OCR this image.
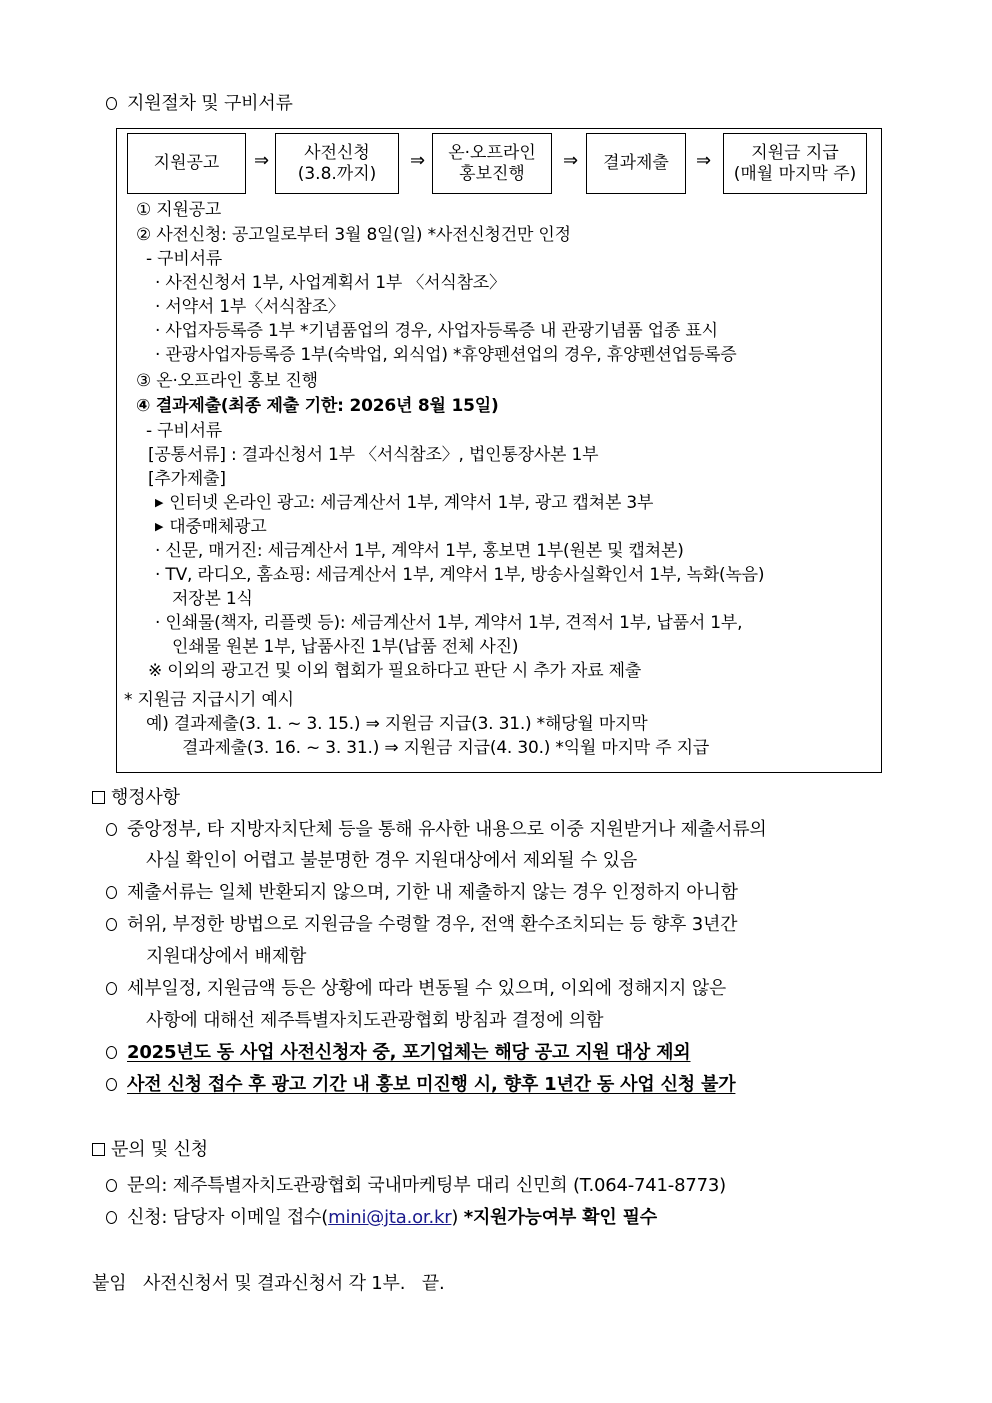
지원절차 및 구비서류
지원공고 ⇒ 사전신청
(3.8.까지)
⇒ 온·오프라인
홍보진행
⇒ 결과제출 ⇒ 지원금 지급
(매월 마지막 주)
① 지원공고
② 사전신청: 공고일로부터 3월 8일(일) *사전신청건만 인정
- 구비서류
· 사전신청서 1부, 사업계획서 1부 〈서식참조〉
· 서약서 1부〈서식참조〉
· 사업자등록증 1부 *기념품업의 경우, 사업자등록증 내 관광기념품 업종 표시
· 관광사업자등록증 1부(숙박업, 외식업) *휴양펜션업의 경우, 휴양펜션업등록증
③ 온·오프라인 홍보 진행
④ 결과제출(최종 제출 기한: 2026년 8월 15일)
- 구비서류
[공통서류] : 결과신청서 1부 〈서식참조〉, 법인통장사본 1부
[추가제출]
▶ 인터넷 온라인 광고: 세금계산서 1부, 계약서 1부, 광고 캡쳐본 3부
▶ 대중매체광고
· 신문, 매거진: 세금계산서 1부, 계약서 1부, 홍보면 1부(원본 및 캡쳐본)
· TV, 라디오, 홈쇼핑: 세금계산서 1부, 계약서 1부, 방송사실확인서 1부, 녹화(녹음)
저장본 1식
· 인쇄물(책자, 리플렛 등): 세금계산서 1부, 계약서 1부, 견적서 1부, 납품서 1부,
인쇄물 원본 1부, 납품사진 1부(납품 전체 사진)
※ 이외의 광고건 및 이외 협회가 필요하다고 판단 시 추가 자료 제출
* 지원금 지급시기 예시
예) 결과제출(3. 1. ~ 3. 15.) ⇒ 지원금 지급(3. 31.) *해당월 마지막
결과제출(3. 16. ~ 3. 31.) ⇒ 지원금 지급(4. 30.) *익월 마지막 주 지급
행정사항
중앙정부, 타 지방자치단체 등을 통해 유사한 내용으로 이중 지원받거나 제출서류의
사실 확인이 어렵고 불분명한 경우 지원대상에서 제외될 수 있음
제출서류는 일체 반환되지 않으며, 기한 내 제출하지 않는 경우 인정하지 아니함
허위, 부정한 방법으로 지원금을 수령할 경우, 전액 환수조치되는 등 향후 3년간
지원대상에서 배제함
세부일정, 지원금액 등은 상황에 따라 변동될 수 있으며, 이외에 정해지지 않은
사항에 대해선 제주특별자치도관광협회 방침과 결정에 의함
2025년도 동 사업 사전신청자 중, 포기업체는 해당 공고 지원 대상 제외
사전 신청 접수 후 광고 기간 내 홍보 미진행 시, 향후 1년간 동 사업 신청 불가
문의 및 신청
문의: 제주특별자치도관광협회 국내마케팅부 대리 신민희 (T.064-741-8773)
신청: 담당자 이메일 접수(mini@jta.or.kr) *지원가능여부 확인 필수
붙임   사전신청서 및 결과신청서 각 1부.   끝.
